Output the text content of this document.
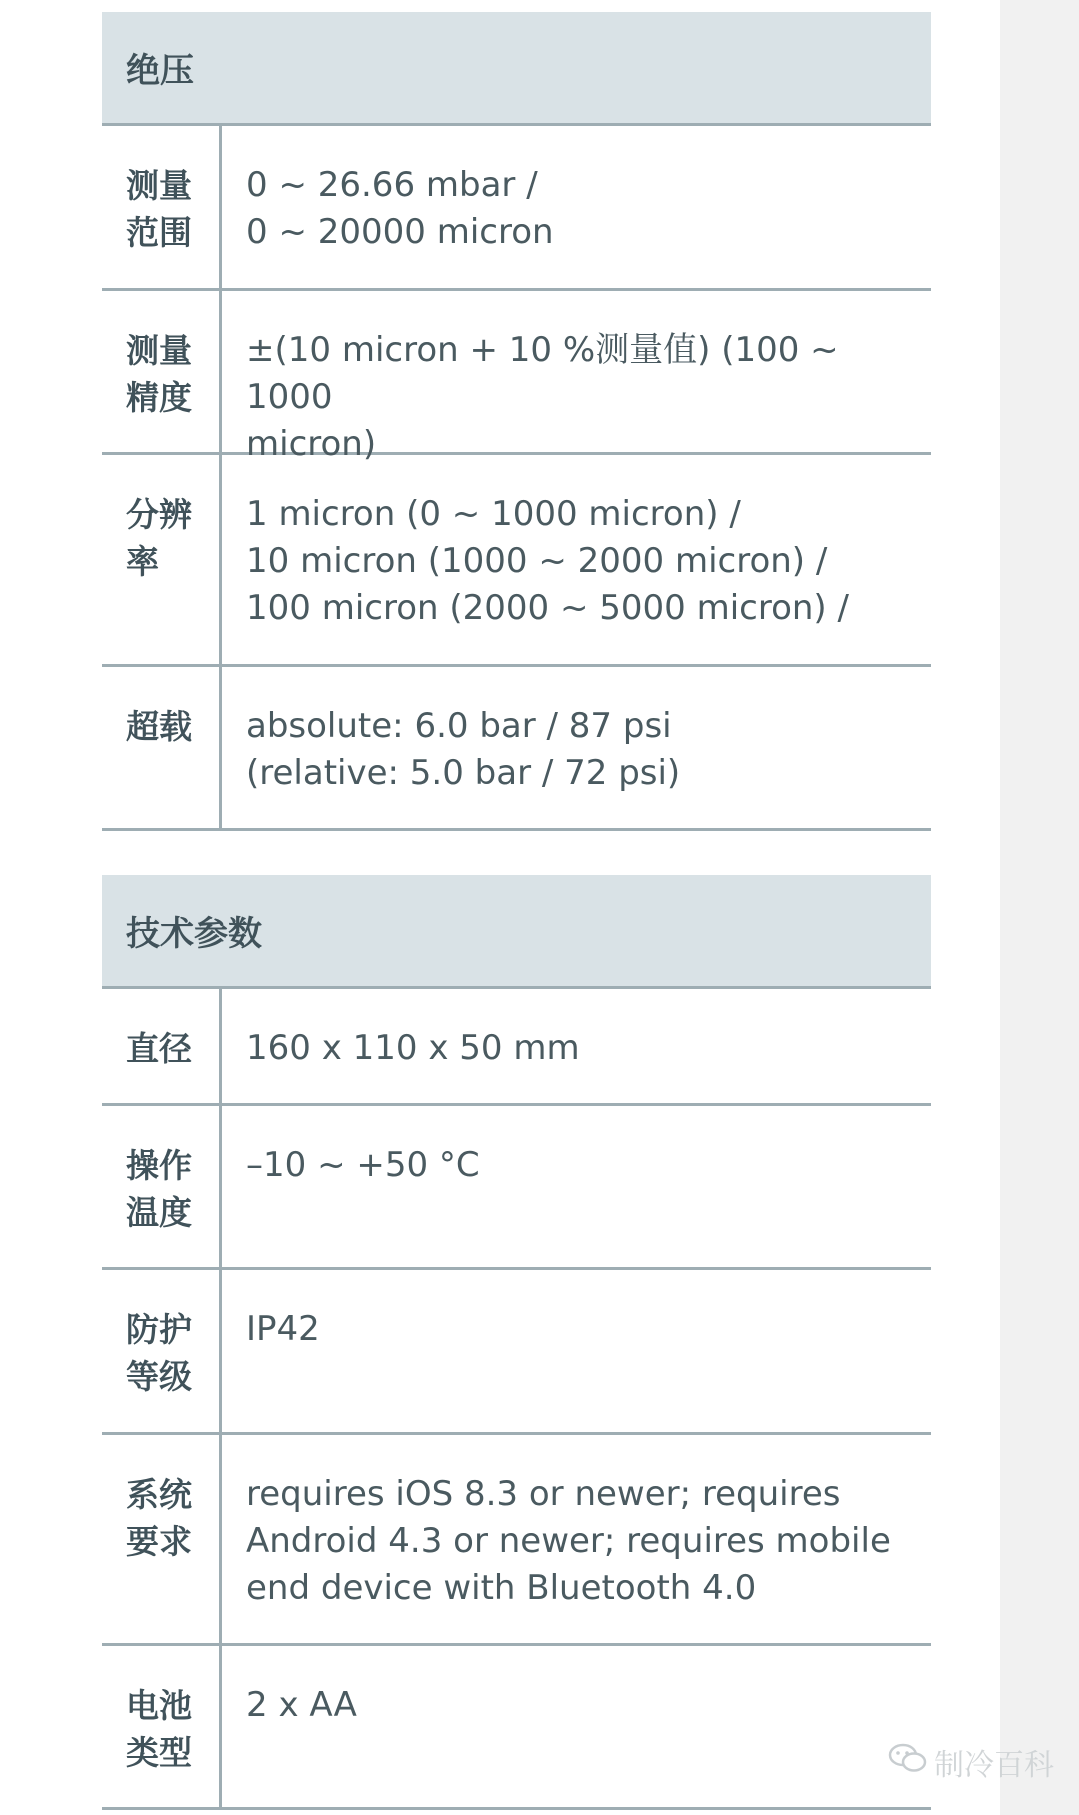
绝压
测量
范围
0 ~ 26.66 mbar /
0 ~ 20000 micron
测量
精度
±(10 micron + 10 %测量值) (100 ~ 1000
micron)
分辨
率
1 micron (0 ~ 1000 micron) /
10 micron (1000 ~ 2000 micron) /
100 micron (2000 ~ 5000 micron) /
超载	absolute: 6.0 bar / 87 psi
(relative: 5.0 bar / 72 psi)
技术参数
直径	160 x 110 x 50 mm
操作
温度
–10 ~ +50 °C
防护
等级
IP42
系统
要求
requires iOS 8.3 or newer; requires
Android 4.3 or newer; requires mobile
end device with Bluetooth 4.0
电池
类型
2 x AA
制冷百科
